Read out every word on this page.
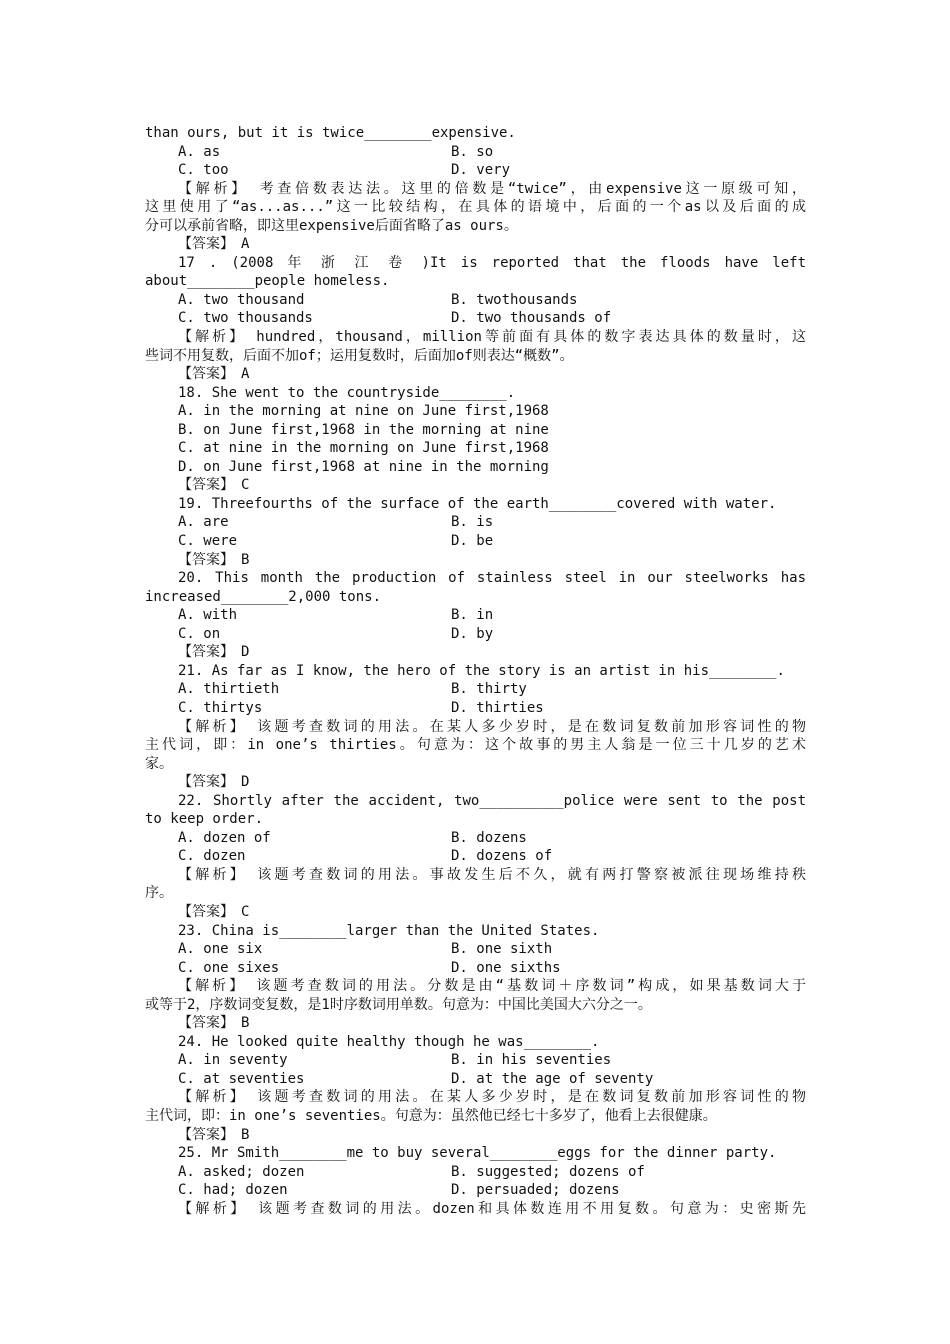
than ours, but it is twice________expensive.
A. as	B. so
C. too	D. very
【解析】　考查倍数表达法。这里的倍数是“twice”，由expensive这一原级可知，
这里使用了“as...as...”这一比较结构，在具体的语境中，后面的一个as以及后面的成
分可以承前省略，即这里expensive后面省略了as ours。
【答案】　A
17 . (2008 年 浙 江 卷 )It is reported that the floods have left
about________people homeless.
A. two thousand	B. twothousands
C. two thousands	D. two thousands of
【解析】　hundred，thousand，million等前面有具体的数字表达具体的数量时，这
些词不用复数，后面不加of；运用复数时，后面加of则表达“概数”。
【答案】　A
18. She went to the countryside________.
A. in the morning at nine on June first,1968
B. on June first,1968 in the morning at nine
C. at nine in the morning on June first,1968
D. on June first,1968 at nine in the morning
【答案】　C
19. Threefourths of the surface of the earth________covered with water.
A. are	B. is
C. were	D. be
【答案】　B
20. This month the production of stainless steel in our steelworks has
increased________2,000 tons.
A. with	B. in
C. on	D. by
【答案】　D
21. As far as I know, the hero of the story is an artist in his________.
A. thirtieth	B. thirty
C. thirtys	D. thirties
【解析】　该题考查数词的用法。在某人多少岁时，是在数词复数前加形容词性的物
主代词，即：in one’s thirties。句意为：这个故事的男主人翁是一位三十几岁的艺术
家。
【答案】　D
22. Shortly after the accident, two__________police were sent to the post
to keep order.
A. dozen of	B. dozens
C. dozen	D. dozens of
【解析】　该题考查数词的用法。事故发生后不久，就有两打警察被派往现场维持秩
序。
【答案】　C
23. China is________larger than the United States.
A. one six	B. one sixth
C. one sixes	D. one sixths
【解析】　该题考查数词的用法。分数是由“基数词＋序数词”构成，如果基数词大于
或等于2，序数词变复数，是1时序数词用单数。句意为：中国比美国大六分之一。
【答案】　B
24. He looked quite healthy though he was________.
A. in seventy	B. in his seventies
C. at seventies	D. at the age of seventy
【解析】　该题考查数词的用法。在某人多少岁时，是在数词复数前加形容词性的物
主代词，即：in one’s seventies。句意为：虽然他已经七十多岁了，他看上去很健康。
【答案】　B
25. Mr Smith________me to buy several________eggs for the dinner party.
A. asked; dozen	B. suggested; dozens of
C. had; dozen	D. persuaded; dozens
【解析】　该题考查数词的用法。dozen和具体数连用不用复数。句意为：史密斯先
